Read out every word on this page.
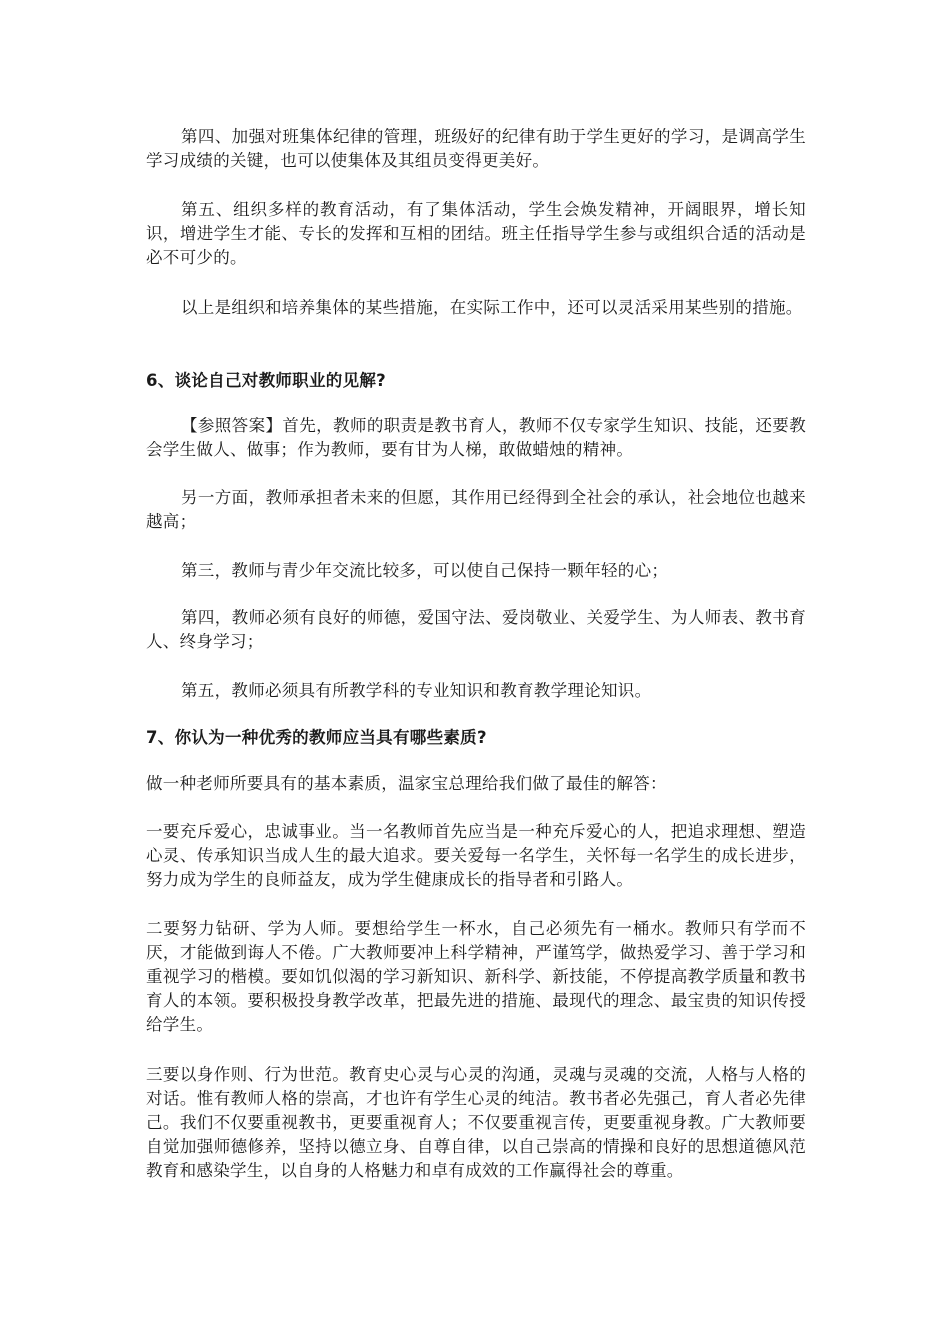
第四、加强对班集体纪律的管理，班级好的纪律有助于学生更好的学习，是调高学生学习成绩的关键，也可以使集体及其组员变得更美好。

第五、组织多样的教育活动，有了集体活动，学生会焕发精神，开阔眼界，增长知识，增进学生才能、专长的发挥和互相的团结。班主任指导学生参与或组织合适的活动是必不可少的。

以上是组织和培养集体的某些措施，在实际工作中，还可以灵活采用某些别的措施。

6、谈论自己对教师职业的见解?

【参照答案】首先，教师的职责是教书育人，教师不仅专家学生知识、技能，还要教会学生做人、做事；作为教师，要有甘为人梯，敢做蜡烛的精神。

另一方面，教师承担者未来的但愿，其作用已经得到全社会的承认，社会地位也越来越高；

第三，教师与青少年交流比较多，可以使自己保持一颗年轻的心；

第四，教师必须有良好的师德，爱国守法、爱岗敬业、关爱学生、为人师表、教书育人、终身学习；

第五，教师必须具有所教学科的专业知识和教育教学理论知识。

7、你认为一种优秀的教师应当具有哪些素质?

做一种老师所要具有的基本素质，温家宝总理给我们做了最佳的解答：

一要充斥爱心，忠诚事业。当一名教师首先应当是一种充斥爱心的人，把追求理想、塑造心灵、传承知识当成人生的最大追求。要关爱每一名学生，关怀每一名学生的成长进步，努力成为学生的良师益友，成为学生健康成长的指导者和引路人。

二要努力钻研、学为人师。要想给学生一杯水，自己必须先有一桶水。教师只有学而不厌，才能做到诲人不倦。广大教师要冲上科学精神，严谨笃学，做热爱学习、善于学习和重视学习的楷模。要如饥似渴的学习新知识、新科学、新技能，不停提高教学质量和教书育人的本领。要积极投身教学改革，把最先进的措施、最现代的理念、最宝贵的知识传授给学生。

三要以身作则、行为世范。教育史心灵与心灵的沟通，灵魂与灵魂的交流，人格与人格的对话。惟有教师人格的崇高，才也许有学生心灵的纯洁。教书者必先强己，育人者必先律己。我们不仅要重视教书，更要重视育人；不仅要重视言传，更要重视身教。广大教师要自觉加强师德修养，坚持以德立身、自尊自律，以自己崇高的情操和良好的思想道德风范教育和感染学生，以自身的人格魅力和卓有成效的工作赢得社会的尊重。
